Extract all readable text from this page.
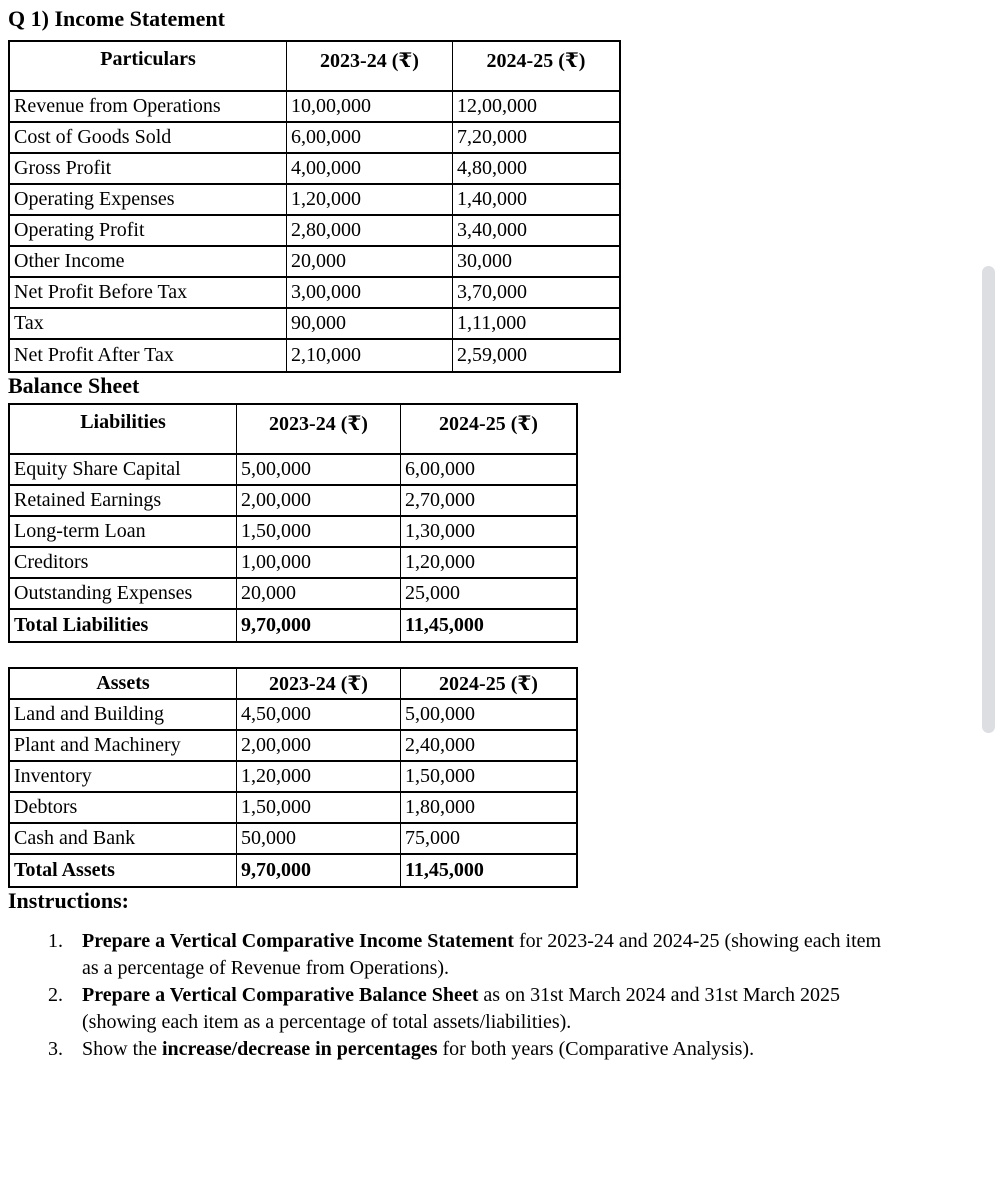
Q 1) Income Statement
Particulars	2023-24 (₹)	2024-25 (₹)
Revenue from Operations	10,00,000	12,00,000
Cost of Goods Sold	6,00,000	7,20,000
Gross Profit	4,00,000	4,80,000
Operating Expenses	1,20,000	1,40,000
Operating Profit	2,80,000	3,40,000
Other Income	20,000	30,000
Net Profit Before Tax	3,00,000	3,70,000
Tax	90,000	1,11,000
Net Profit After Tax	2,10,000	2,59,000
Balance Sheet
Liabilities	2023-24 (₹)	2024-25 (₹)
Equity Share Capital	5,00,000	6,00,000
Retained Earnings	2,00,000	2,70,000
Long-term Loan	1,50,000	1,30,000
Creditors	1,00,000	1,20,000
Outstanding Expenses	20,000	25,000
Total Liabilities	9,70,000	11,45,000
Assets	2023-24 (₹)	2024-25 (₹)
Land and Building	4,50,000	5,00,000
Plant and Machinery	2,00,000	2,40,000
Inventory	1,20,000	1,50,000
Debtors	1,50,000	1,80,000
Cash and Bank	50,000	75,000
Total Assets	9,70,000	11,45,000
Instructions:
1. Prepare a Vertical Comparative Income Statement for 2023-24 and 2024-25 (showing each item
as a percentage of Revenue from Operations).
2. Prepare a Vertical Comparative Balance Sheet as on 31st March 2024 and 31st March 2025
(showing each item as a percentage of total assets/liabilities).
3. Show the increase/decrease in percentages for both years (Comparative Analysis).
